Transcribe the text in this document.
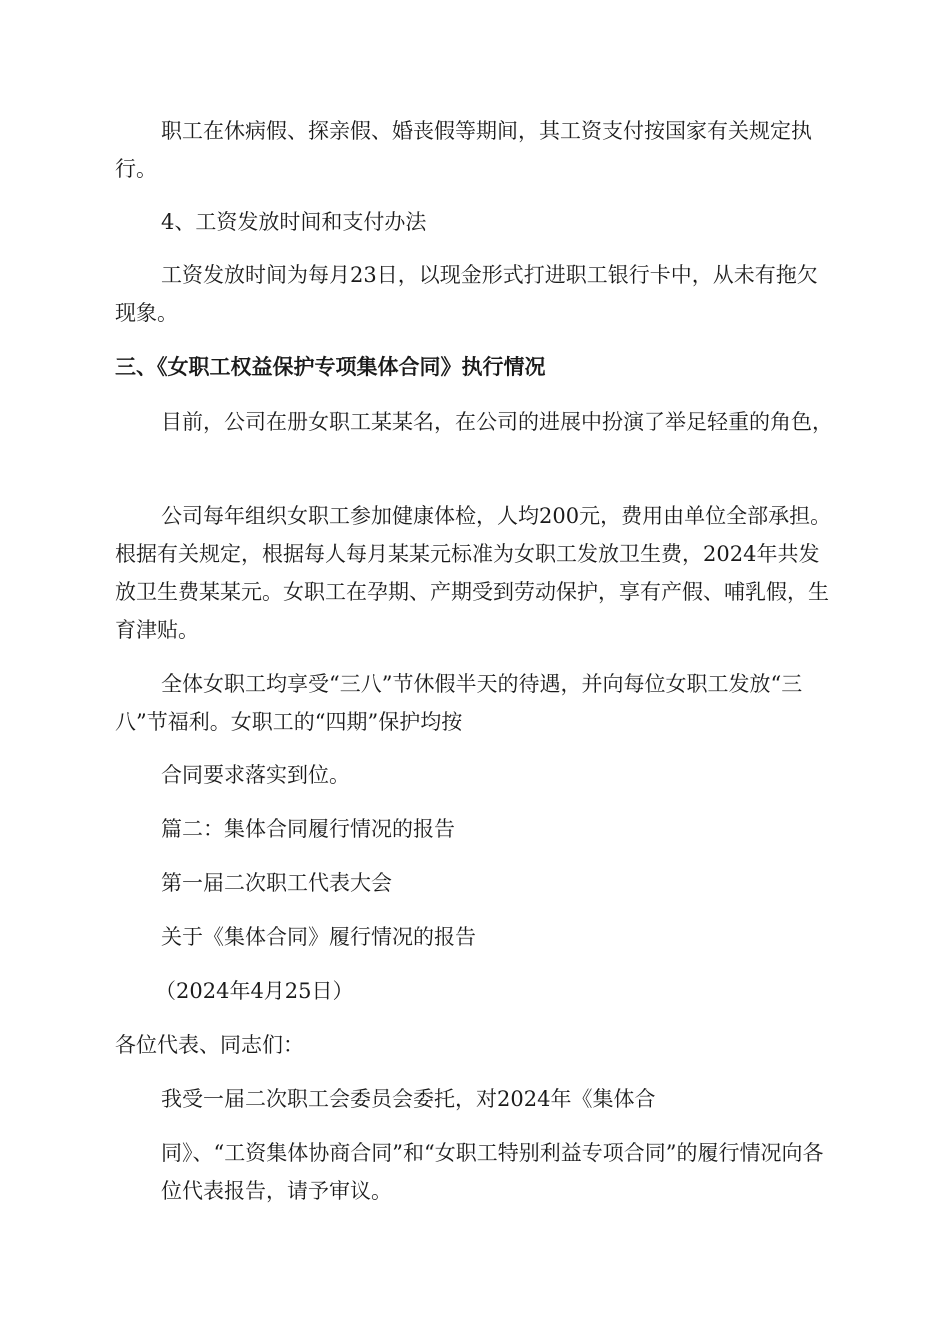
职工在休病假、探亲假、婚丧假等期间，其工资支付按国家有关规定执行。

4、工资发放时间和支付办法

工资发放时间为每月23日，以现金形式打进职工银行卡中，从未有拖欠现象。

三、《女职工权益保护专项集体合同》执行情况

目前，公司在册女职工某某名，在公司的进展中扮演了举足轻重的角色，

公司每年组织女职工参加健康体检，人均200元，费用由单位全部承担。根据有关规定，根据每人每月某某元标准为女职工发放卫生费，2024年共发放卫生费某某元。女职工在孕期、产期受到劳动保护，享有产假、哺乳假，生育津贴。

全体女职工均享受“三八”节休假半天的待遇，并向每位女职工发放“三八”节福利。女职工的“四期”保护均按

合同要求落实到位。

篇二：集体合同履行情况的报告

第一届二次职工代表大会

关于《集体合同》履行情况的报告

（2024年4月25日）

各位代表、同志们：

我受一届二次职工会委员会委托，对2024年《集体合

同》、“工资集体协商合同”和“女职工特别利益专项合同”的履行情况向各位代表报告，请予审议。
